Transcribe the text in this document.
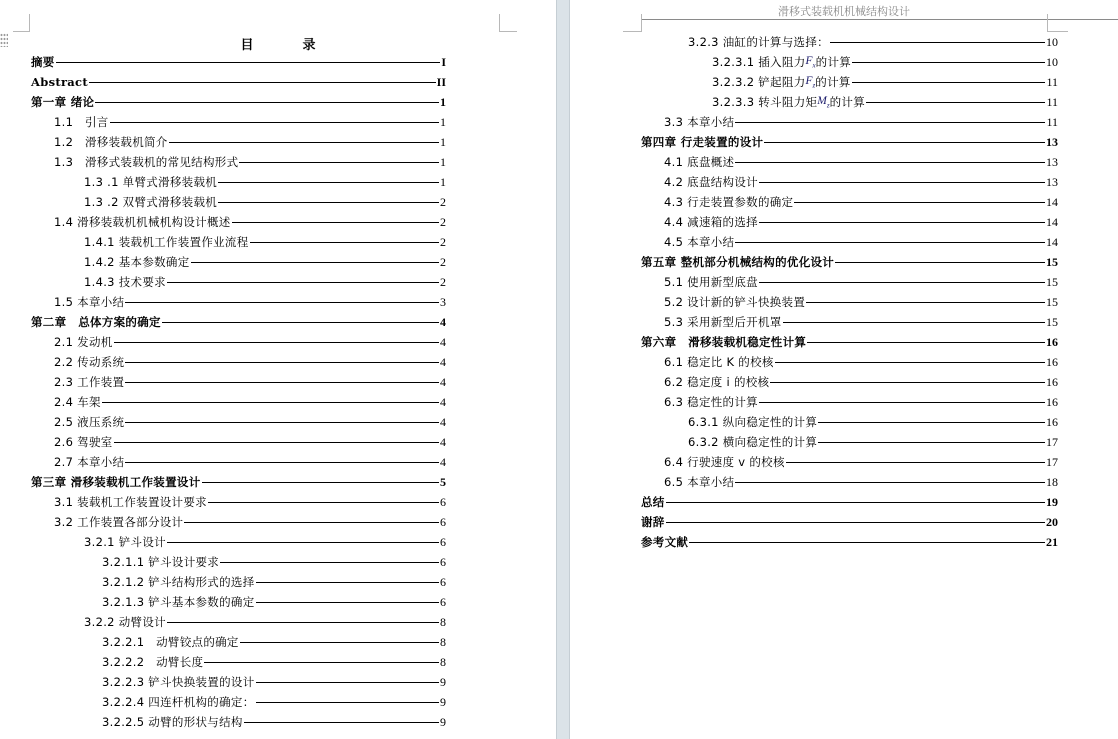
目　录
摘要	I
Abstract	II
第一章 绪论	1
1.1　引言	1
1.2　滑移装载机简介	1
1.3　滑移式装载机的常见结构形式	1
1.3 .1 单臂式滑移装载机	1
1.3 .2 双臂式滑移装载机	2
1.4 滑移装载机机械机构设计概述	2
1.4.1 装载机工作装置作业流程	2
1.4.2 基本参数确定	2
1.4.3 技术要求	2
1.5 本章小结	3
第二章　总体方案的确定	4
2.1 发动机	4
2.2 传动系统	4
2.3 工作装置	4
2.4 车架	4
2.5 液压系统	4
2.6 驾驶室	4
2.7 本章小结	4
第三章 滑移装载机工作装置设计	5
3.1 装载机工作装置设计要求	6
3.2 工作装置各部分设计	6
3.2.1 铲斗设计	6
3.2.1.1 铲斗设计要求	6
3.2.1.2 铲斗结构形式的选择	6
3.2.1.3 铲斗基本参数的确定	6
3.2.2 动臂设计	8
3.2.2.1　动臂铰点的确定	8
3.2.2.2　动臂长度	8
3.2.2.3 铲斗快换装置的设计	9
3.2.2.4 四连杆机构的确定：	9
3.2.2.5 动臂的形状与结构	9
滑移式装载机机械结构设计
3.2.3 油缸的计算与选择：	10
3.2.3.1 插入阻力 $F_x$ 的计算	10
3.2.3.2 铲起阻力 $F_z$ 的计算	11
3.2.3.3 转斗阻力矩 $M_z$ 的计算	11
3.3 本章小结	11
第四章 行走装置的设计	13
4.1 底盘概述	13
4.2 底盘结构设计	13
4.3 行走装置参数的确定	14
4.4 减速箱的选择	14
4.5 本章小结	14
第五章 整机部分机械结构的优化设计	15
5.1 使用新型底盘	15
5.2 设计新的铲斗快换装置	15
5.3 采用新型后开机罩	15
第六章　滑移装载机稳定性计算	16
6.1 稳定比 K 的校核	16
6.2 稳定度 i 的校核	16
6.3 稳定性的计算	16
6.3.1 纵向稳定性的计算	16
6.3.2 横向稳定性的计算	17
6.4 行驶速度 v 的校核	17
6.5 本章小结	18
总结	19
谢辞	20
参考文献	21
